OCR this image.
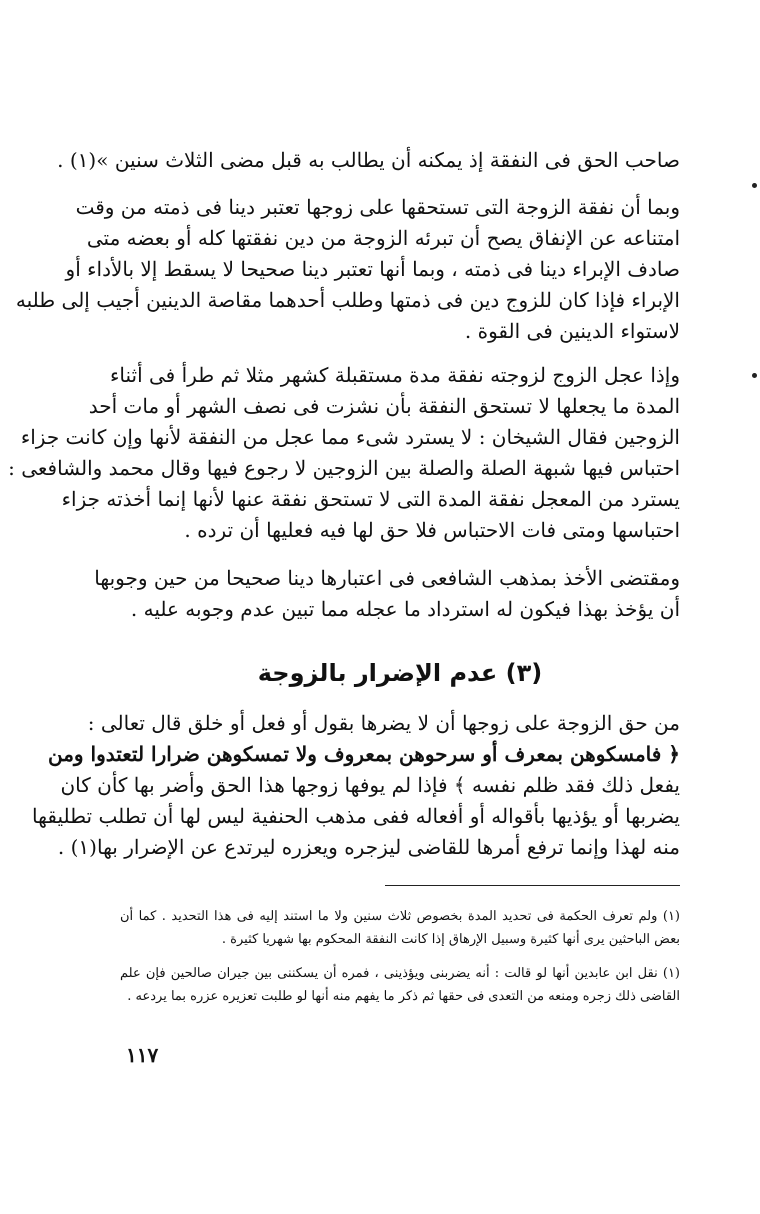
صاحب الحق فى النفقة إذ يمكنه أن يطالب به قبل مضى الثلاث سنين »(١) .
وبما أن نفقة الزوجة التى تستحقها على زوجها تعتبر دينا فى ذمته من وقت
امتناعه عن الإنفاق يصح أن تبرئه الزوجة من دين نفقتها كله أو بعضه متى
صادف الإبراء دينا فى ذمته ، وبما أنها تعتبر دينا صحيحا لا يسقط إلا بالأداء أو
الإبراء فإذا كان للزوج دين فى ذمتها وطلب أحدهما مقاصة الدينين أجيب إلى طلبه
لاستواء الدينين فى القوة .
وإذا عجل الزوج لزوجته نفقة مدة مستقبلة كشهر مثلا ثم طرأ فى أثناء
المدة ما يجعلها لا تستحق النفقة بأن نشزت فى نصف الشهر أو مات أحد
الزوجين فقال الشيخان : لا يسترد شىء مما عجل من النفقة لأنها وإن كانت جزاء
احتباس فيها شبهة الصلة والصلة بين الزوجين لا رجوع فيها وقال محمد والشافعى :
يسترد من المعجل نفقة المدة التى لا تستحق نفقة عنها لأنها إنما أخذته جزاء
احتباسها ومتى فات الاحتباس فلا حق لها فيه فعليها أن ترده .
ومقتضى الأخذ بمذهب الشافعى فى اعتبارها دينا صحيحا من حين وجوبها
أن يؤخذ بهذا فيكون له استرداد ما عجله مما تبين عدم وجوبه عليه .
(٣) عدم الإضرار بالزوجة
من حق الزوجة على زوجها أن لا يضرها بقول أو فعل أو خلق قال تعالى :
﴿ فامسكوهن بمعرف أو سرحوهن بمعروف ولا تمسكوهن ضرارا لتعتدوا ومن
يفعل ذلك فقد ظلم نفسه ﴾ فإذا لم يوفها زوجها هذا الحق وأضر بها كأن كان
يضربها أو يؤذيها بأقواله أو أفعاله ففى مذهب الحنفية ليس لها أن تطلب تطليقها
منه لهذا وإنما ترفع أمرها للقاضى ليزجره ويعزره ليرتدع عن الإضرار بها(١) .
(١) ولم تعرف الحكمة فى تحديد المدة بخصوص ثلاث سنين ولا ما استند إليه فى هذا التحديد . كما أن
بعض الباحثين يرى أنها كثيرة وسبيل الإرهاق إذا كانت النفقة المحكوم بها شهريا كثيرة .
(١) نقل ابن عابدين أنها لو قالت : أنه يضربنى ويؤذينى ، فمره أن يسكننى بين جيران صالحين فإن علم
القاضى ذلك زجره ومنعه من التعدى فى حقها ثم ذكر ما يفهم منه أنها لو طلبت تعزيره عزره بما يردعه .
١١٧
